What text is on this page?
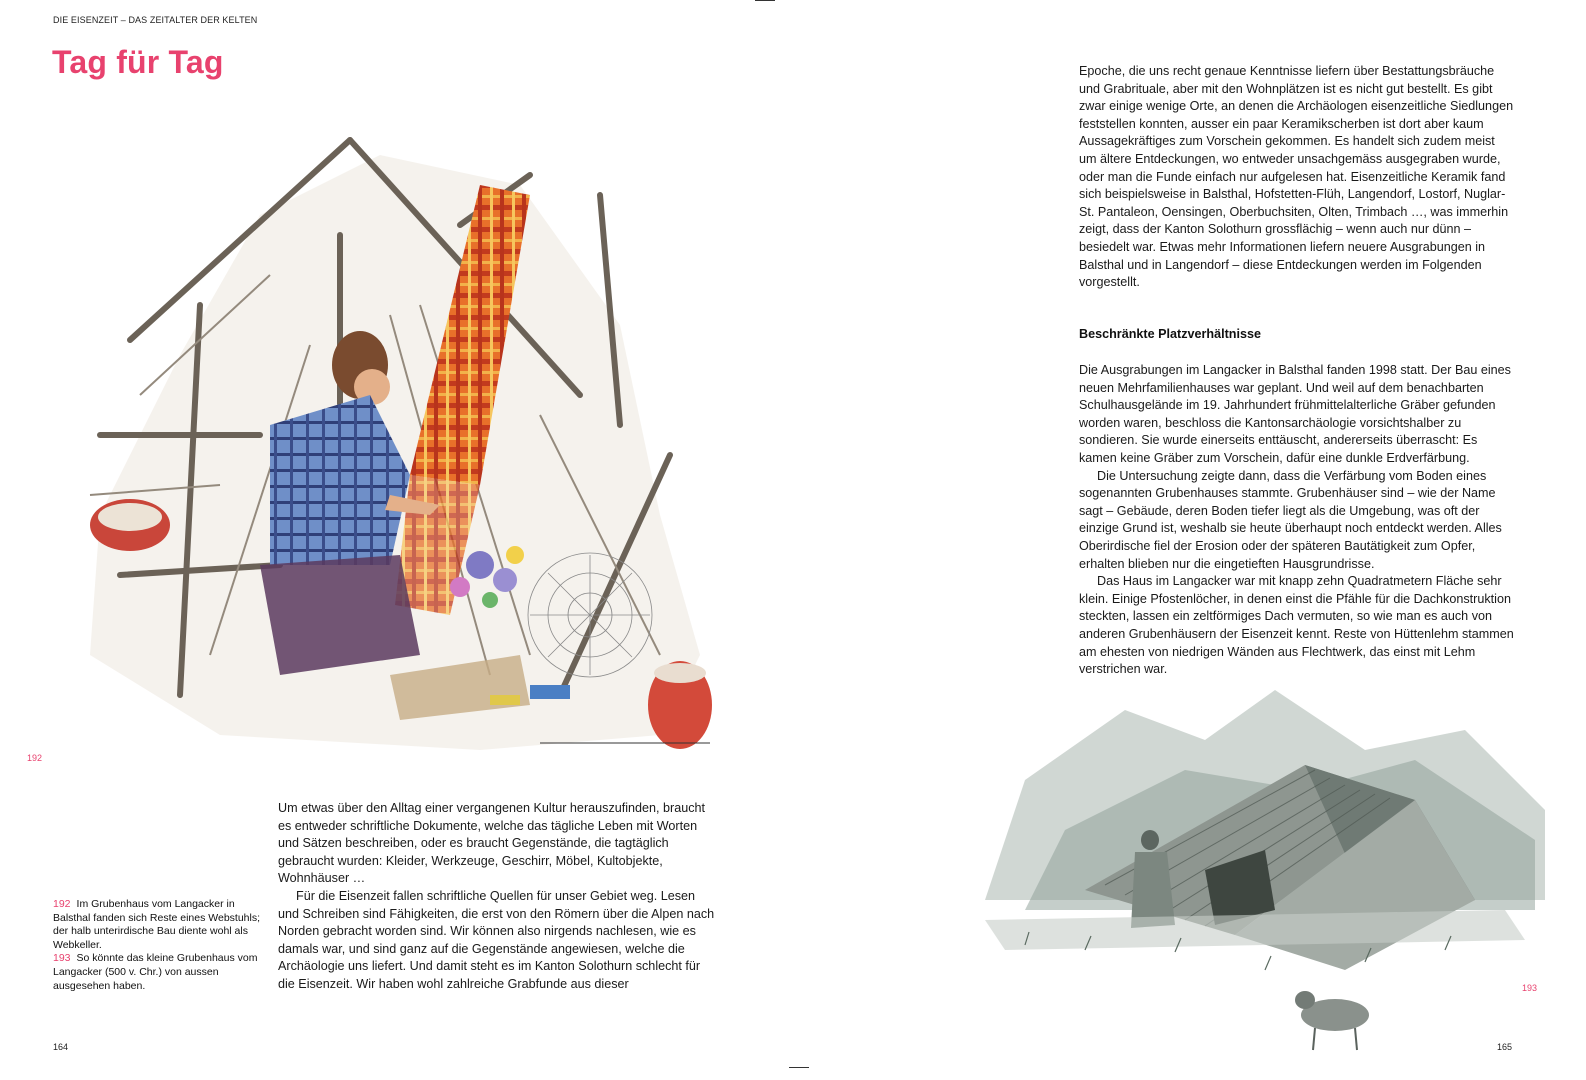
DIE EISENZEIT – DAS ZEITALTER DER KELTEN
Tag für Tag
192

192 Im Grubenhaus vom Langacker in Balsthal fanden sich Reste eines Webstuhls; der halb unterirdische Bau diente wohl als Webkeller.

193 So könnte das kleine Grubenhaus vom Langacker (500 v. Chr.) von aussen ausgesehen haben.

Um etwas über den Alltag einer vergangenen Kultur herauszufinden, braucht es entweder schriftliche Dokumente, welche das tägliche Leben mit Worten und Sätzen beschreiben, oder es braucht Gegenstände, die tagtäglich gebraucht wurden: Kleider, Werkzeuge, Geschirr, Möbel, Kultobjekte, Wohnhäuser …

Für die Eisenzeit fallen schriftliche Quellen für unser Gebiet weg. Lesen und Schreiben sind Fähigkeiten, die erst von den Römern über die Alpen nach Norden gebracht worden sind. Wir können also nirgends nachlesen, wie es damals war, und sind ganz auf die Gegenstände angewiesen, welche die Archäologie uns liefert. Und damit steht es im Kanton Solothurn schlecht für die Eisenzeit. Wir haben wohl zahlreiche Grabfunde aus dieser

164

Epoche, die uns recht genaue Kenntnisse liefern über Bestattungsbräuche und Grabrituale, aber mit den Wohnplätzen ist es nicht gut bestellt. Es gibt zwar einige wenige Orte, an denen die Archäologen eisenzeitliche Siedlungen feststellen konnten, ausser ein paar Keramikscherben ist dort aber kaum Aussagekräftiges zum Vorschein gekommen. Es handelt sich zudem meist um ältere Entdeckungen, wo entweder unsachgemäss ausgegraben wurde, oder man die Funde einfach nur aufgelesen hat. Eisenzeitliche Keramik fand sich beispielsweise in Balsthal, Hofstetten-Flüh, Langendorf, Lostorf, Nuglar-St. Pantaleon, Oensingen, Oberbuchsiten, Olten, Trimbach …, was immerhin zeigt, dass der Kanton Solothurn grossflächig – wenn auch nur dünn – besiedelt war. Etwas mehr Informationen liefern neuere Ausgrabungen in Balsthal und in Langendorf – diese Entdeckungen werden im Folgenden vorgestellt.

Beschränkte Platzverhältnisse

Die Ausgrabungen im Langacker in Balsthal fanden 1998 statt. Der Bau eines neuen Mehrfamilienhauses war geplant. Und weil auf dem benachbarten Schulhausgelände im 19. Jahrhundert frühmittelalterliche Gräber gefunden worden waren, beschloss die Kantonsarchäologie vorsichtshalber zu sondieren. Sie wurde einerseits enttäuscht, andererseits überrascht: Es kamen keine Gräber zum Vorschein, dafür eine dunkle Erdverfärbung.

Die Untersuchung zeigte dann, dass die Verfärbung vom Boden eines sogenannten Grubenhauses stammte. Grubenhäuser sind – wie der Name sagt – Gebäude, deren Boden tiefer liegt als die Umgebung, was oft der einzige Grund ist, weshalb sie heute überhaupt noch entdeckt werden. Alles Oberirdische fiel der Erosion oder der späteren Bautätigkeit zum Opfer, erhalten blieben nur die eingetieften Hausgrundrisse.

Das Haus im Langacker war mit knapp zehn Quadratmetern Fläche sehr klein. Einige Pfostenlöcher, in denen einst die Pfähle für die Dachkonstruktion steckten, lassen ein zeltförmiges Dach vermuten, so wie man es auch von anderen Grubenhäusern der Eisenzeit kennt. Reste von Hüttenlehm stammen am ehesten von niedrigen Wänden aus Flechtwerk, das einst mit Lehm verstrichen war.

193
165
